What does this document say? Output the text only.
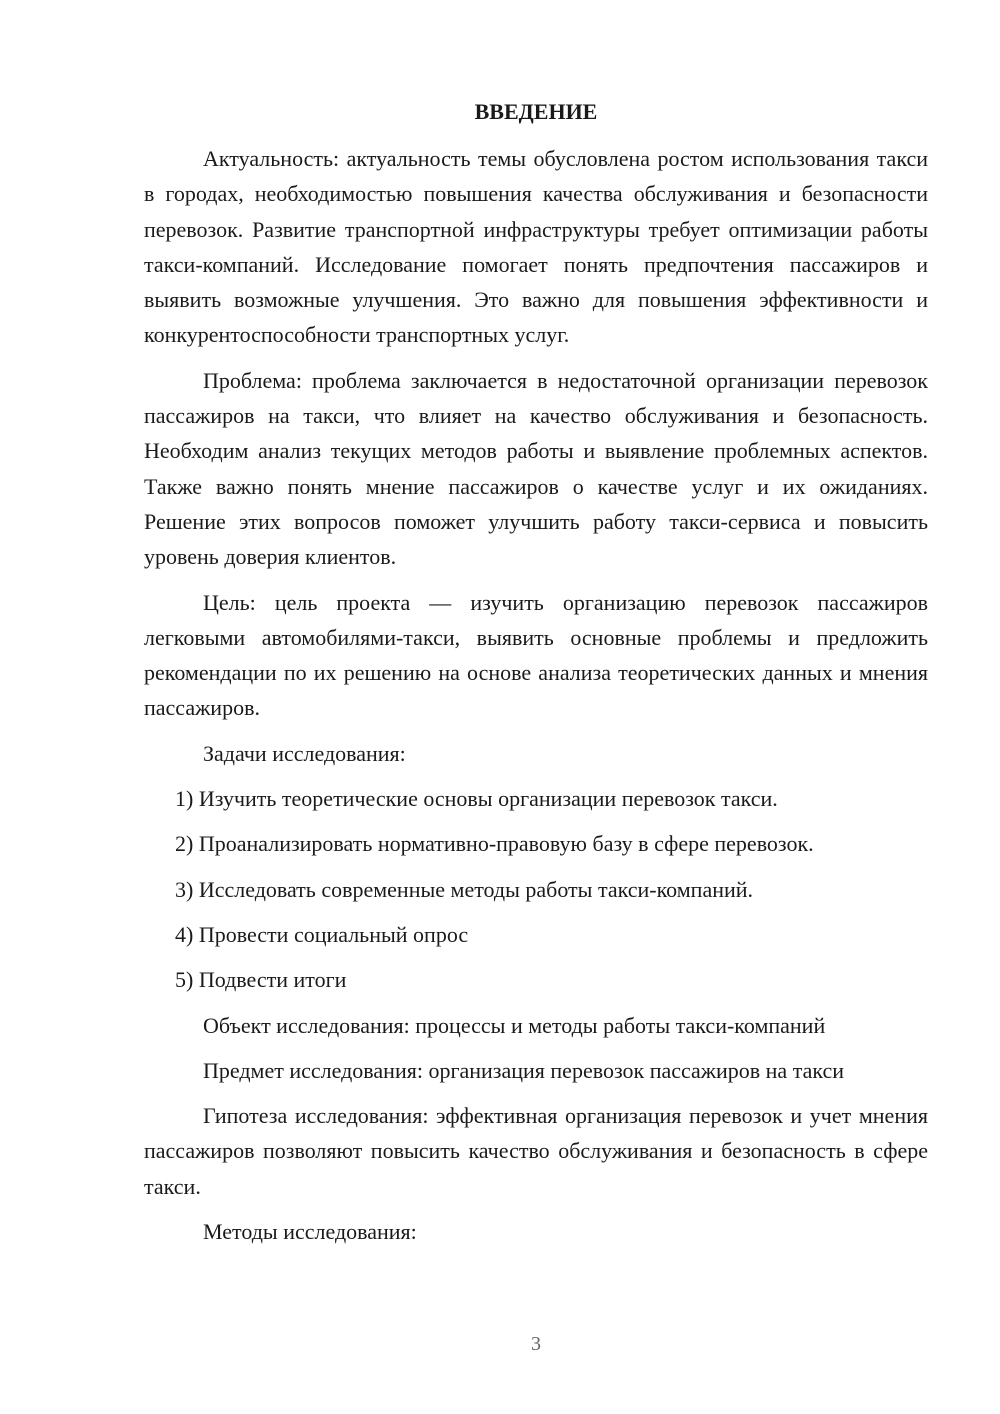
ВВЕДЕНИЕ

Актуальность: актуальность темы обусловлена ростом использования такси в городах, необходимостью повышения качества обслуживания и безопасности перевозок. Развитие транспортной инфраструктуры требует оптимизации работы такси-компаний. Исследование помогает понять предпочтения пассажиров и выявить возможные улучшения. Это важно для повышения эффективности и конкурентоспособности транспортных услуг.

Проблема: проблема заключается в недостаточной организации перевозок пассажиров на такси, что влияет на качество обслуживания и безопасность. Необходим анализ текущих методов работы и выявление проблемных аспектов. Также важно понять мнение пассажиров о качестве услуг и их ожиданиях. Решение этих вопросов поможет улучшить работу такси-сервиса и повысить уровень доверия клиентов.

Цель: цель проекта — изучить организацию перевозок пассажиров легковыми автомобилями-такси, выявить основные проблемы и предложить рекомендации по их решению на основе анализа теоретических данных и мнения пассажиров.

Задачи исследования:

1) Изучить теоретические основы организации перевозок такси.

2) Проанализировать нормативно-правовую базу в сфере перевозок.

3) Исследовать современные методы работы такси-компаний.

4) Провести социальный опрос

5) Подвести итоги

Объект исследования: процессы и методы работы такси-компаний

Предмет исследования: организация перевозок пассажиров на такси

Гипотеза исследования: эффективная организация перевозок и учет мнения пассажиров позволяют повысить качество обслуживания и безопасность в сфере такси.

Методы исследования:

3
